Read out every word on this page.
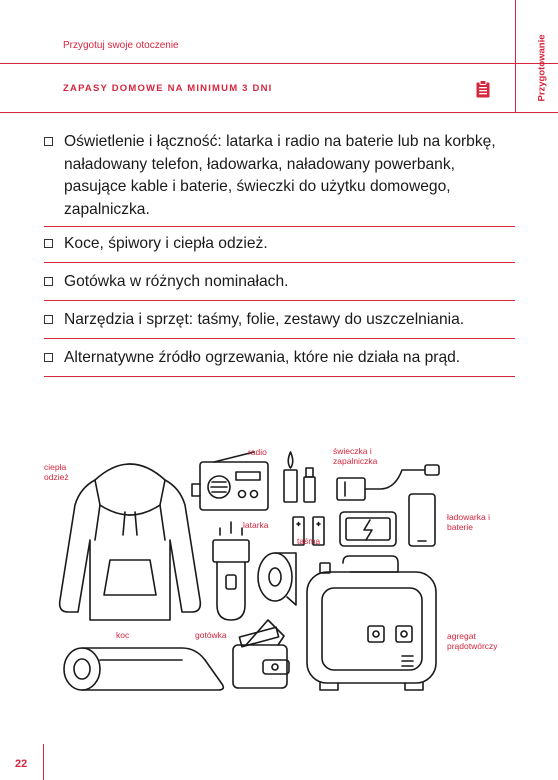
Przygotuj swoje otoczenie
ZAPASY DOMOWE NA MINIMUM 3 DNI	Przygotowanie
Oświetlenie i łączność: latarka i radio na baterie lub na korbkę, naładowany telefon, ładowarka, naładowany powerbank, pasujące kable i baterie, świeczki do użytku domowego, zapalniczka.
Koce, śpiwory i ciepła odzież.
Gotówka w różnych nominałach.
Narzędzia i sprzęt: taśmy, folie, zestawy do uszczelniania.
Alternatywne źródło ogrzewania, które nie działa na prąd.
ciepła odzież
radio	świeczka i zapalniczka
latarka
ładowarka i baterie
taśma
koc	gotówka	agregat prądotwórczy
22
